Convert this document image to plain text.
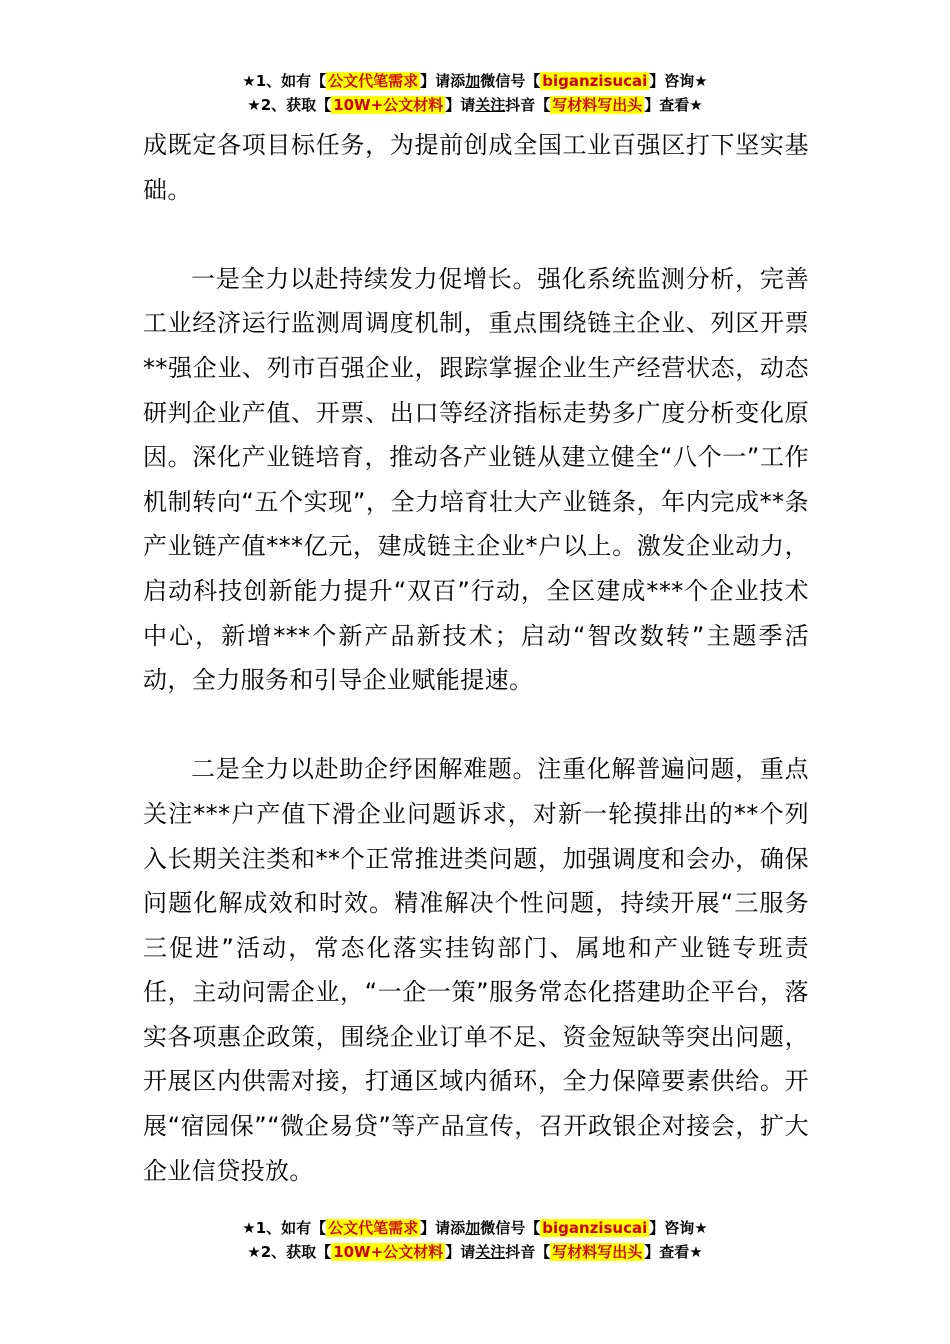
★1、如有【 公文代笔需求 】请添加微信号【 biganzisucai 】咨询★
★2、获取【 10W+公文材料 】请关注抖音【 写材料写出头 】查看★

成既定各项目标任务，为提前创成全国工业百强区打下坚实基础。

一是全力以赴持续发力促增长。强化系统监测分析，完善工业经济运行监测周调度机制，重点围绕链主企业、列区开票**强企业、列市百强企业，跟踪掌握企业生产经营状态，动态研判企业产值、开票、出口等经济指标走势多广度分析变化原因。深化产业链培育，推动各产业链从建立健全“八个一”工作机制转向“五个实现”，全力培育壮大产业链条，年内完成**条产业链产值***亿元，建成链主企业*户以上。激发企业动力，启动科技创新能力提升“双百”行动，全区建成***个企业技术中心，新增***个新产品新技术；启动“智改数转”主题季活动，全力服务和引导企业赋能提速。

二是全力以赴助企纾困解难题。注重化解普遍问题，重点关注***户产值下滑企业问题诉求，对新一轮摸排出的**个列入长期关注类和**个正常推进类问题，加强调度和会办，确保问题化解成效和时效。精准解决个性问题，持续开展“三服务三促进”活动，常态化落实挂钩部门、属地和产业链专班责任，主动问需企业，“一企一策”服务常态化搭建助企平台，落实各项惠企政策，围绕企业订单不足、资金短缺等突出问题，开展区内供需对接，打通区域内循环，全力保障要素供给。开展“宿园保”“微企易贷”等产品宣传，召开政银企对接会，扩大企业信贷投放。

★1、如有【 公文代笔需求 】请添加微信号【 biganzisucai 】咨询★
★2、获取【 10W+公文材料 】请关注抖音【 写材料写出头 】查看★
